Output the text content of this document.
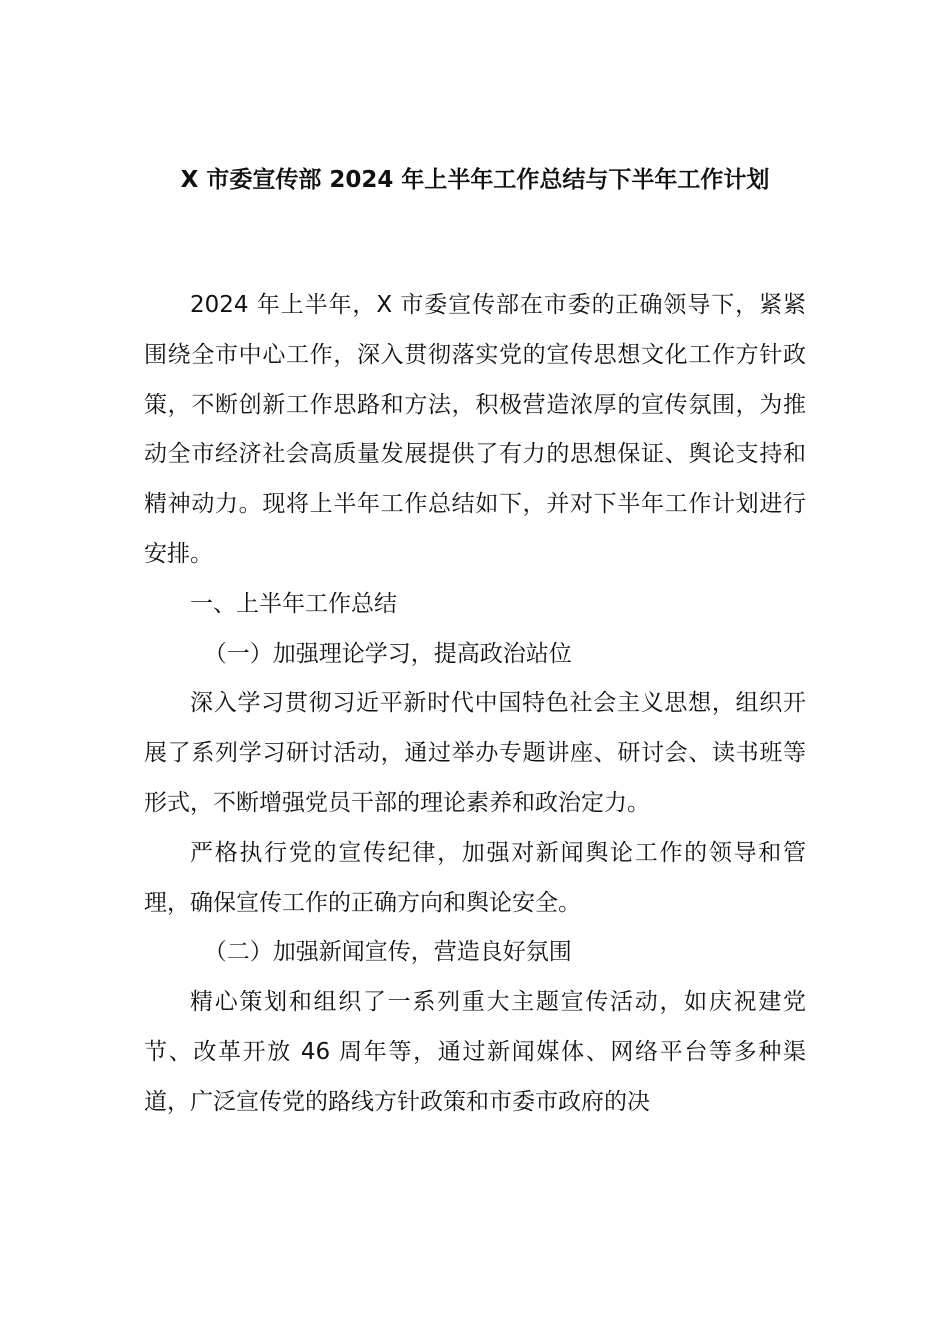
X 市委宣传部 2024 年上半年工作总结与下半年工作计划

2024 年上半年，X 市委宣传部在市委的正确领导下，紧紧围绕全市中心工作，深入贯彻落实党的宣传思想文化工作方针政策，不断创新工作思路和方法，积极营造浓厚的宣传氛围，为推动全市经济社会高质量发展提供了有力的思想保证、舆论支持和精神动力。现将上半年工作总结如下，并对下半年工作计划进行安排。

一、上半年工作总结

（一）加强理论学习，提高政治站位

深入学习贯彻习近平新时代中国特色社会主义思想，组织开展了系列学习研讨活动，通过举办专题讲座、研讨会、读书班等形式，不断增强党员干部的理论素养和政治定力。

严格执行党的宣传纪律，加强对新闻舆论工作的领导和管理，确保宣传工作的正确方向和舆论安全。

（二）加强新闻宣传，营造良好氛围

精心策划和组织了一系列重大主题宣传活动，如庆祝建党节、改革开放 46 周年等，通过新闻媒体、网络平台等多种渠道，广泛宣传党的路线方针政策和市委市政府的决
